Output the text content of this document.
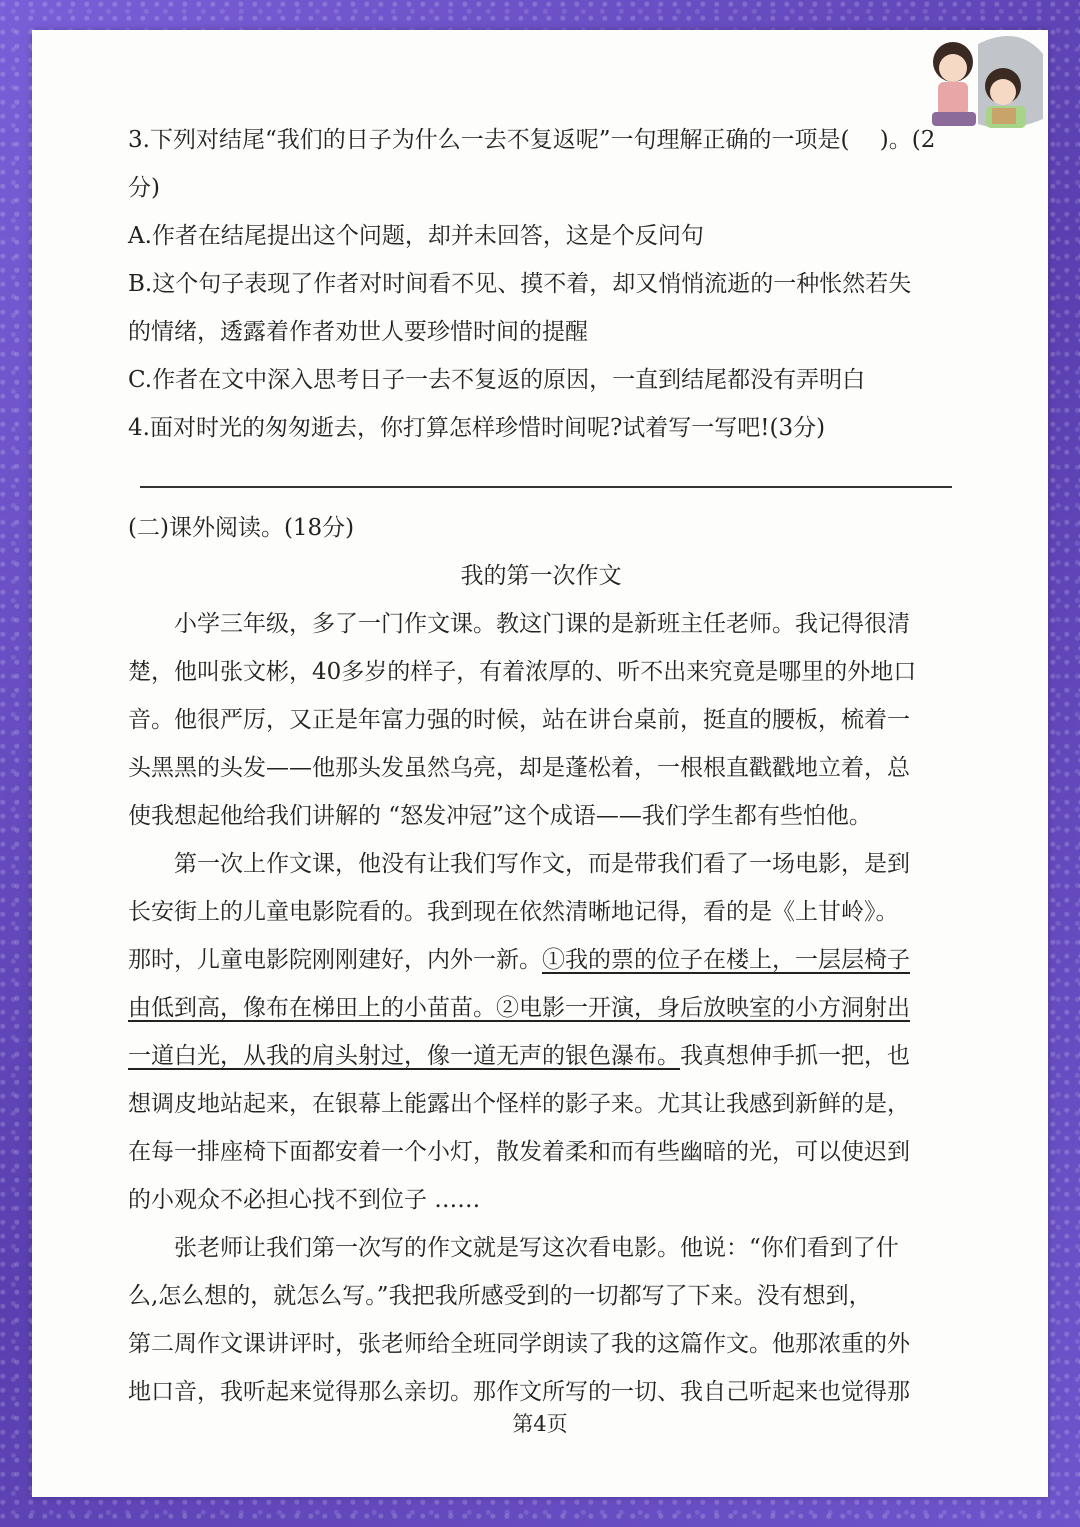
3.下列对结尾“我们的日子为什么一去不复返呢”一句理解正确的一项是(　 )。(2
分)
A.作者在结尾提出这个问题，却并未回答，这是个反问句
B.这个句子表现了作者对时间看不见、摸不着，却又悄悄流逝的一种怅然若失
的情绪，透露着作者劝世人要珍惜时间的提醒
C.作者在文中深入思考日子一去不复返的原因，一直到结尾都没有弄明白
4.面对时光的匆匆逝去，你打算怎样珍惜时间呢?试着写一写吧!(3分)
(二)课外阅读。(18分)
我的第一次作文
小学三年级，多了一门作文课。教这门课的是新班主任老师。我记得很清
楚，他叫张文彬，40多岁的样子，有着浓厚的、听不出来究竟是哪里的外地口
音。他很严厉，又正是年富力强的时候，站在讲台桌前，挺直的腰板，梳着一
头黑黑的头发——他那头发虽然乌亮，却是蓬松着，一根根直戳戳地立着，总
使我想起他给我们讲解的 “怒发冲冠”这个成语——我们学生都有些怕他。
第一次上作文课，他没有让我们写作文，而是带我们看了一场电影，是到
长安街上的儿童电影院看的。我到现在依然清晰地记得，看的是《上甘岭》。
那时，儿童电影院刚刚建好，内外一新。①我的票的位子在楼上，一层层椅子
由低到高，像布在梯田上的小苗苗。②电影一开演，身后放映室的小方洞射出
一道白光，从我的肩头射过，像一道无声的银色瀑布。我真想伸手抓一把，也
想调皮地站起来，在银幕上能露出个怪样的影子来。尤其让我感到新鲜的是，
在每一排座椅下面都安着一个小灯，散发着柔和而有些幽暗的光，可以使迟到
的小观众不必担心找不到位子 ……
张老师让我们第一次写的作文就是写这次看电影。他说：“你们看到了什
么,怎么想的，就怎么写。”我把我所感受到的一切都写了下来。没有想到，
第二周作文课讲评时，张老师给全班同学朗读了我的这篇作文。他那浓重的外
地口音，我听起来觉得那么亲切。那作文所写的一切、我自己听起来也觉得那
第4页
